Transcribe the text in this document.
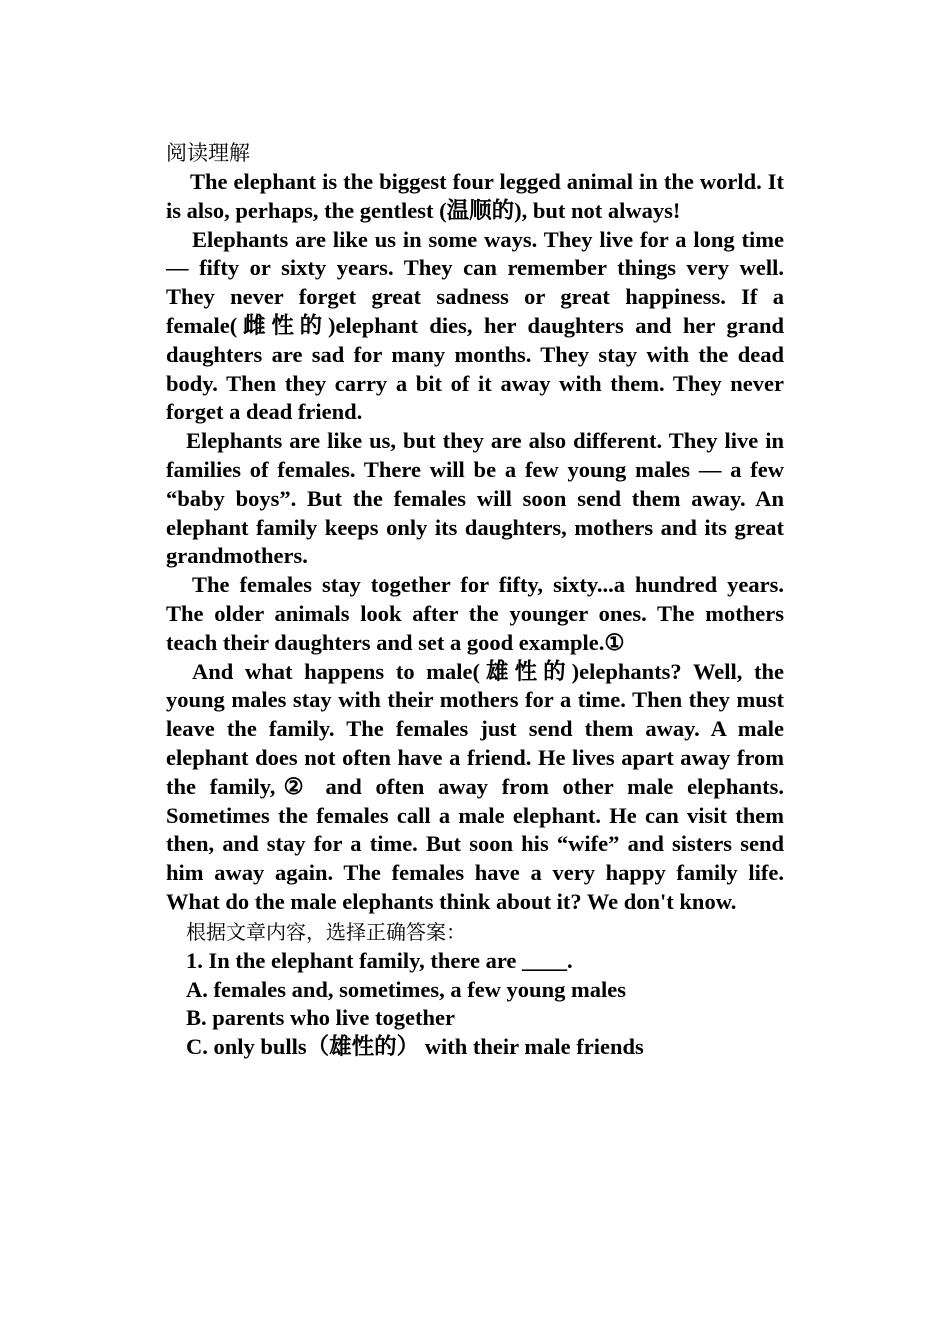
阅读理解

The elephant is the biggest four legged animal in the world. It is also, perhaps, the gentlest (温顺的), but not always!

Elephants are like us in some ways. They live for a long time — fifty or sixty years. They can remember things very well. They never forget great sadness or great happiness. If a female(雌性的)elephant dies, her daughters and her grand daughters are sad for many months. They stay with the dead body. Then they carry a bit of it away with them. They never forget a dead friend.

Elephants are like us, but they are also different. They live in families of females. There will be a few young males — a few “baby boys”. But the females will soon send them away. An elephant family keeps only its daughters, mothers and its great grandmothers.

The females stay together for fifty, sixty...a hundred years. The older animals look after the younger ones. The mothers teach their daughters and set a good example.①

And what happens to male(雄性的)elephants? Well, the young males stay with their mothers for a time. Then they must leave the family. The females just send them away. A male elephant does not often have a friend. He lives apart away from the family,② and often away from other male elephants. Sometimes the females call a male elephant. He can visit them then, and stay for a time. But soon his “wife” and sisters send him away again. The females have a very happy family life. What do the male elephants think about it? We don't know.

根据文章内容，选择正确答案：

1. In the elephant family, there are ____.

A. females and, sometimes, a few young males

B. parents who live together

C. only bulls（雄性的） with their male friends
